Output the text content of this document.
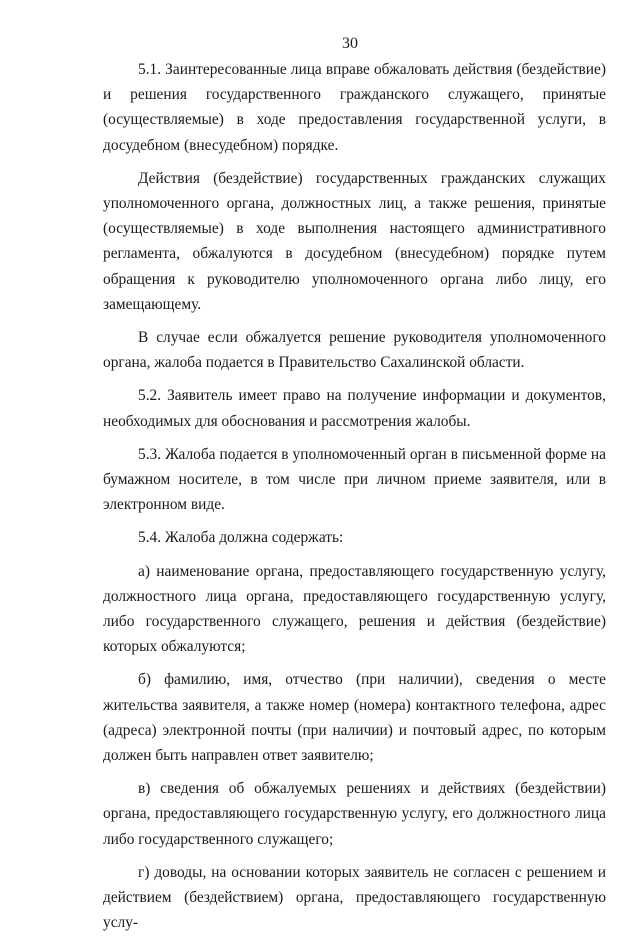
30

5.1. Заинтересованные лица вправе обжаловать действия (бездействие) и решения государственного гражданского служащего, принятые (осуществляемые) в ходе предоставления государственной услуги, в досудебном (внесудебном) порядке.

Действия (бездействие) государственных гражданских служащих уполномоченного органа, должностных лиц, а также решения, принятые (осуществляемые) в ходе выполнения настоящего административного регламента, обжалуются в досудебном (внесудебном) порядке путем обращения к руководителю уполномоченного органа либо лицу, его замещающему.

В случае если обжалуется решение руководителя уполномоченного органа, жалоба подается в Правительство Сахалинской области.

5.2. Заявитель имеет право на получение информации и документов, необходимых для обоснования и рассмотрения жалобы.

5.3. Жалоба подается в уполномоченный орган в письменной форме на бумажном носителе, в том числе при личном приеме заявителя, или в электронном виде.

5.4. Жалоба должна содержать:

а) наименование органа, предоставляющего государственную услугу, должностного лица органа, предоставляющего государственную услугу, либо государственного служащего, решения и действия (бездействие) которых обжалуются;

б) фамилию, имя, отчество (при наличии), сведения о месте жительства заявителя, а также номер (номера) контактного телефона, адрес (адреса) электронной почты (при наличии) и почтовый адрес, по которым должен быть направлен ответ заявителю;

в) сведения об обжалуемых решениях и действиях (бездействии) органа, предоставляющего государственную услугу, его должностного лица либо государственного служащего;

г) доводы, на основании которых заявитель не согласен с решением и действием (бездействием) органа, предоставляющего государственную услу-
